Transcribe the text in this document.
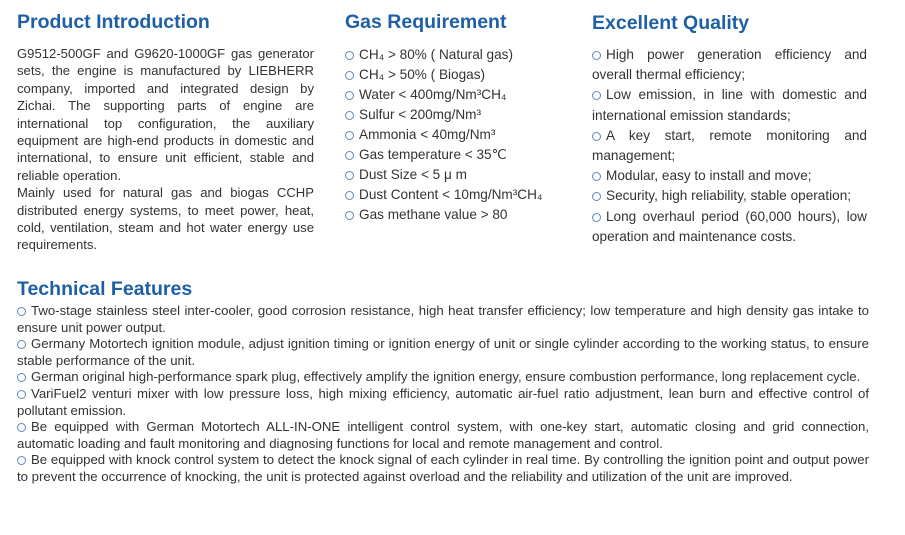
Product Introduction

G9512-500GF and G9620-1000GF gas generator sets, the engine is manufactured by LIEBHERR company, imported and integrated design by Zichai. The supporting parts of engine are international top configuration, the auxiliary equipment are high-end products in domestic and international, to ensure unit efficient, stable and reliable operation.

Mainly used for natural gas and biogas CCHP distributed energy systems, to meet power, heat, cold, ventilation, steam and hot water energy use requirements.

Gas Requirement
CH₄ > 80% ( Natural gas)
CH₄ > 50% ( Biogas)
Water < 400mg/Nm³CH₄
Sulfur < 200mg/Nm³
Ammonia < 40mg/Nm³
Gas temperature < 35℃
Dust Size < 5 μ m
Dust Content < 10mg/Nm³CH₄
Gas methane value > 80
Excellent Quality
High power generation efficiency and overall thermal efficiency;
Low emission, in line with domestic and international emission standards;
A key start, remote monitoring and management;
Modular, easy to install and move;
Security, high reliability, stable operation;
Long overhaul period (60,000 hours), low operation and maintenance costs.
Technical Features
Two-stage stainless steel inter-cooler, good corrosion resistance, high heat transfer efficiency; low temperature and high density gas intake to ensure unit power output.
Germany Motortech ignition module, adjust ignition timing or ignition energy of unit or single cylinder according to the working status, to ensure stable performance of the unit.
German original high-performance spark plug, effectively amplify the ignition energy, ensure combustion performance, long replacement cycle.
VariFuel2 venturi mixer with low pressure loss, high mixing efficiency, automatic air-fuel ratio adjustment, lean burn and effective control of pollutant emission.
Be equipped with German Motortech ALL-IN-ONE intelligent control system, with one-key start, automatic closing and grid connection, automatic loading and fault monitoring and diagnosing functions for local and remote management and control.
Be equipped with knock control system to detect the knock signal of each cylinder in real time. By controlling the ignition point and output power to prevent the occurrence of knocking, the unit is protected against overload and the reliability and utilization of the unit are improved.
